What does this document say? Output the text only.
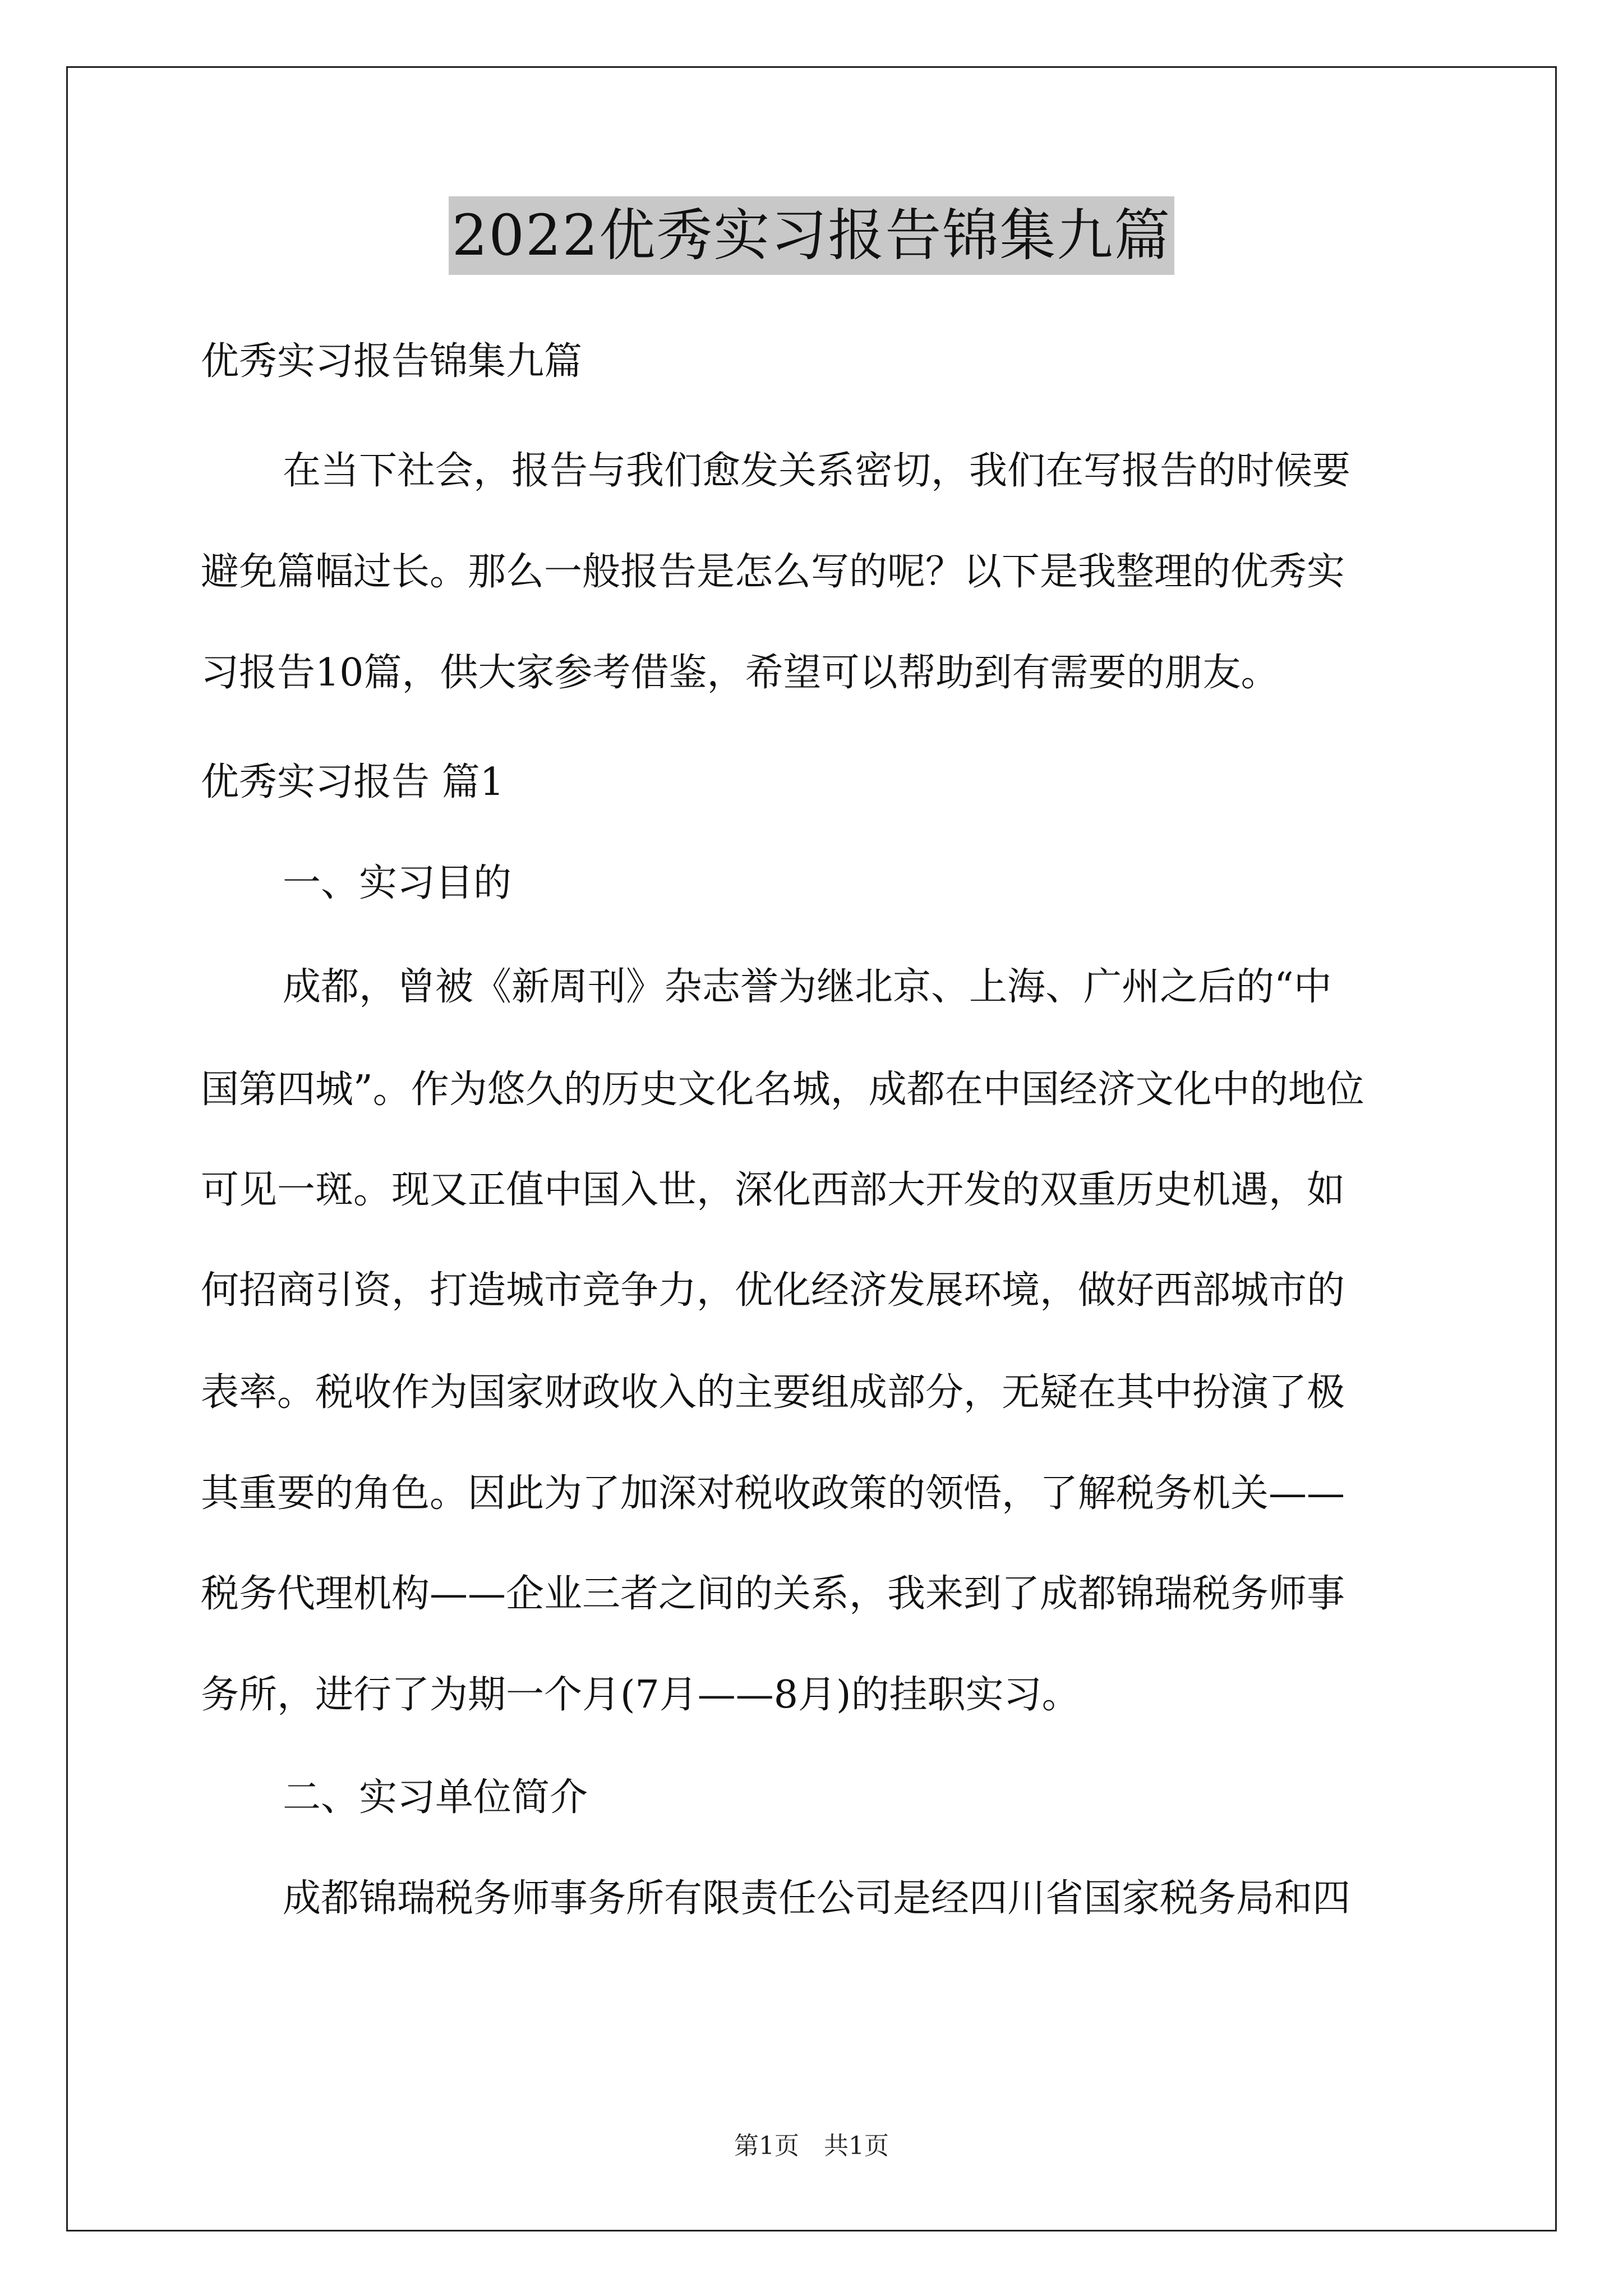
2022优秀实习报告锦集九篇
优秀实习报告锦集九篇
在当下社会，报告与我们愈发关系密切，我们在写报告的时候要
避免篇幅过长。那么一般报告是怎么写的呢？以下是我整理的优秀实
习报告10篇，供大家参考借鉴，希望可以帮助到有需要的朋友。
优秀实习报告 篇1
一、实习目的
成都，曾被《新周刊》杂志誉为继北京、上海、广州之后的“中
国第四城”。作为悠久的历史文化名城，成都在中国经济文化中的地位
可见一斑。现又正值中国入世，深化西部大开发的双重历史机遇，如
何招商引资，打造城市竞争力，优化经济发展环境，做好西部城市的
表率。税收作为国家财政收入的主要组成部分，无疑在其中扮演了极
其重要的角色。因此为了加深对税收政策的领悟，了解税务机关——
税务代理机构——企业三者之间的关系，我来到了成都锦瑞税务师事
务所，进行了为期一个月(7月——8月)的挂职实习。
二、实习单位简介
成都锦瑞税务师事务所有限责任公司是经四川省国家税务局和四
第1页　共1页
